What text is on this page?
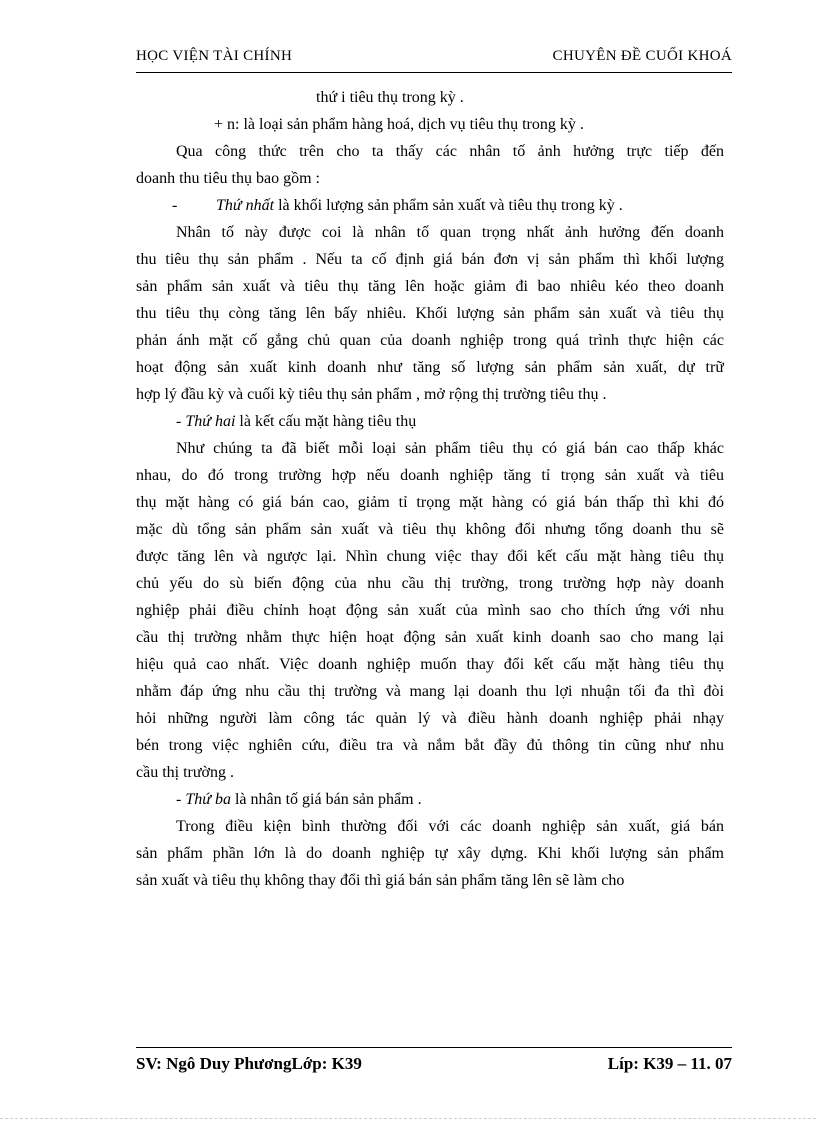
HỌC VIỆN TÀI CHÍNH	CHUYÊN ĐỀ CUỐI KHOÁ
thứ i tiêu thụ trong kỳ .
+ n: là loại sản phẩm hàng hoá, dịch vụ tiêu thụ trong kỳ .
Qua công thức trên cho ta thấy các nhân tố ảnh hưởng trực tiếp đến
doanh thu tiêu thụ bao gồm :
- Thứ nhất là khối lượng sản phẩm sản xuất và tiêu thụ trong kỳ .
Nhân tố này được coi là nhân tố quan trọng nhất ảnh hưởng đến doanh
thu tiêu thụ sản phẩm . Nếu ta cố định giá bán đơn vị sản phẩm thì khối lượng
sản phẩm sản xuất và tiêu thụ tăng lên hoặc giảm đi bao nhiêu kéo theo doanh
thu tiêu thụ còng tăng lên bấy nhiêu. Khối lượng sản phẩm sản xuất và tiêu thụ
phản ánh mặt cố gắng chủ quan của doanh nghiệp trong quá trình thực hiện các
hoạt động sản xuất kinh doanh như tăng số lượng sản phẩm sản xuất, dự trữ
hợp lý đầu kỳ và cuối kỳ tiêu thụ sản phẩm , mở rộng thị trường tiêu thụ .
- Thứ hai là kết cấu mặt hàng tiêu thụ
Như chúng ta đã biết mỗi loại sản phẩm tiêu thụ có giá bán cao thấp khác
nhau, do đó trong trường hợp nếu doanh nghiệp tăng tỉ trọng sản xuất và tiêu
thụ mặt hàng có giá bán cao, giảm tỉ trọng mặt hàng có giá bán thấp thì khi đó
mặc dù tổng sản phẩm sản xuất và tiêu thụ không đổi nhưng tổng doanh thu sẽ
được tăng lên và ngược lại. Nhìn chung việc thay đổi kết cấu mặt hàng tiêu thụ
chủ yếu do sù biến động của nhu cầu thị trường, trong trường hợp này doanh
nghiệp phải điều chỉnh hoạt động sản xuất của mình sao cho thích ứng với nhu
cầu thị trường nhằm thực hiện hoạt động sản xuất kinh doanh sao cho mang lại
hiệu quả cao nhất. Việc doanh nghiệp muốn thay đổi kết cấu mặt hàng tiêu thụ
nhằm đáp ứng nhu cầu thị trường và mang lại doanh thu lợi nhuận tối đa thì đòi
hỏi những người làm công tác quản lý và điều hành doanh nghiệp phải nhạy
bén trong việc nghiên cứu, điều tra và nắm bắt đầy đủ thông tin cũng như nhu
cầu thị trường .
- Thứ ba là nhân tố giá bán sản phẩm .
Trong điều kiện bình thường đối với các doanh nghiệp sản xuất, giá bán
sản phẩm phần lớn là do doanh nghiệp tự xây dựng. Khi khối lượng sản phẩm
sản xuất và tiêu thụ không thay đổi thì giá bán sản phẩm tăng lên sẽ làm cho
SV: Ngô Duy PhươngLớp: K39	Líp: K39 – 11. 07
